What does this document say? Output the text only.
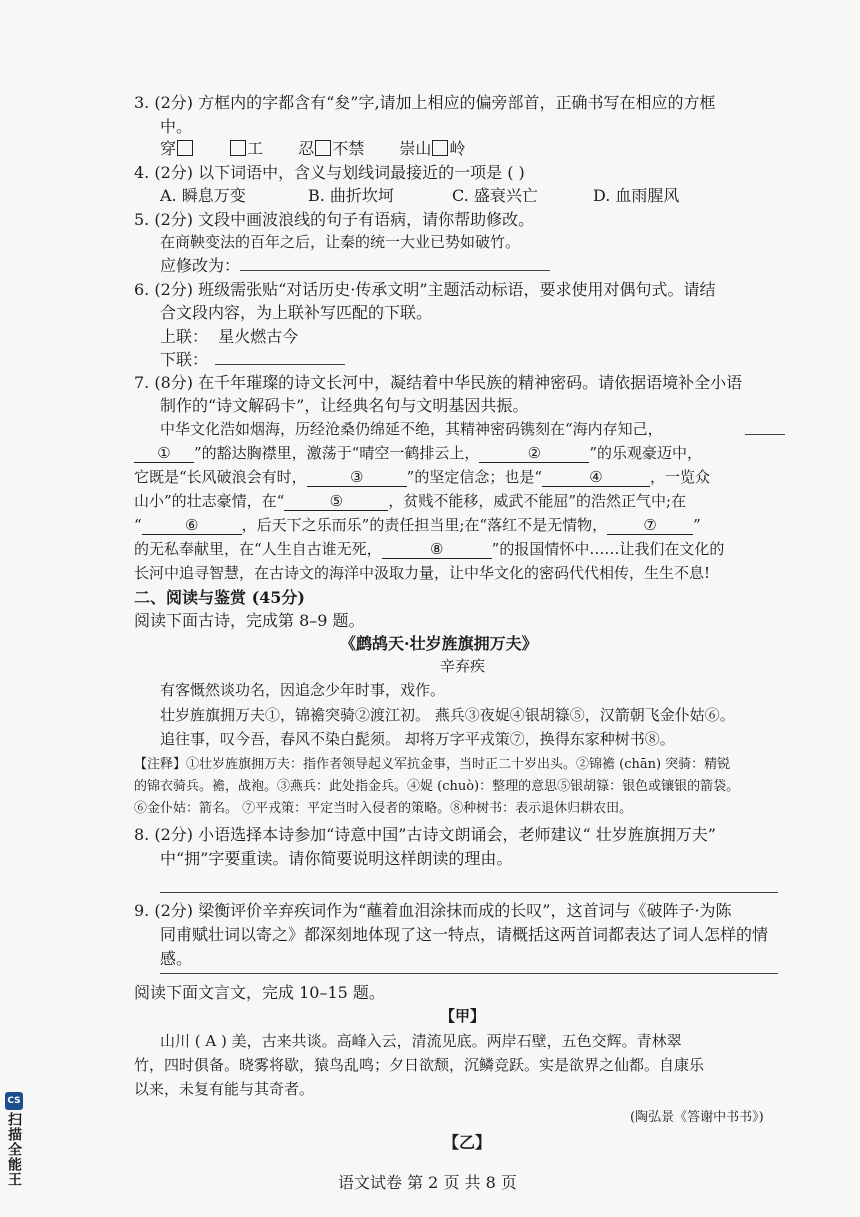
3. (2分) 方框内的字都含有“夋”字,请加上相应的偏旁部首，正确书写在相应的方框
中。
穿	工 忍 不禁 崇山 岭
4. (2分) 以下词语中，含义与划线词最接近的一项是 ( )
A. 瞬息万变	B. 曲折坎坷	C. 盛衰兴亡	D. 血雨腥风
5. (2分) 文段中画波浪线的句子有语病，请你帮助修改。
在商鞅变法的百年之后，让秦的统一大业已势如破竹。
应修改为：
6. (2分) 班级需张贴“对话历史·传承文明”主题活动标语，要求使用对偶句式。请结
合文段内容，为上联补写匹配的下联。
上联： 星火燃古今
下联：
7. (8分) 在千年璀璨的诗文长河中，凝结着中华民族的精神密码。请依据语境补全小语
制作的“诗文解码卡”，让经典名句与文明基因共振。
中华文化浩如烟海，历经沧桑仍绵延不绝，其精神密码镌刻在“海内存知己，
① ”的豁达胸襟里，激荡于“晴空一鹤排云上，	②	”的乐观豪迈中，
它既是“长风破浪会有时，	③	”的坚定信念；也是“	④	，一览众
山小”的壮志豪情，在“	⑤	，贫贱不能移，威武不能屈”的浩然正气中;在
“	⑥	，后天下之乐而乐”的责任担当里;在“落红不是无情物， ⑦ ”
的无私奉献里，在“人生自古谁无死，	⑧	”的报国情怀中……让我们在文化的
长河中追寻智慧，在古诗文的海洋中汲取力量，让中华文化的密码代代相传，生生不息!
二、阅读与鉴赏 (45分)
阅读下面古诗，完成第 8–9 题。
《鹧鸪天·壮岁旌旗拥万夫》
辛弃疾
有客慨然谈功名，因追念少年时事，戏作。
壮岁旌旗拥万夫①，锦襜突骑②渡江初。 燕兵③夜娖④银胡簶⑤，汉箭朝飞金仆姑⑥。
追往事，叹今吾，春风不染白髭须。 却将万字平戎策⑦，换得东家种树书⑧。
【注释】①壮岁旌旗拥万夫：指作者领导起义军抗金事，当时正二十岁出头。②锦襜 (chān) 突骑：精锐
的锦衣骑兵。襜，战袍。③燕兵：此处指金兵。④娖 (chuò)：整理的意思⑤银胡簶：银色或镶银的箭袋。
⑥金仆姑：箭名。 ⑦平戎策：平定当时入侵者的策略。⑧种树书：表示退休归耕农田。
8. (2分) 小语选择本诗参加“诗意中国”古诗文朗诵会，老师建议“ 壮岁旌旗拥万夫”
中“拥”字要重读。请你简要说明这样朗读的理由。
9. (2分) 梁衡评价辛弃疾词作为“蘸着血泪涂抹而成的长叹”，这首词与《破阵子·为陈
同甫赋壮词以寄之》都深刻地体现了这一特点，请概括这两首词都表达了词人怎样的情
感。
阅读下面文言文，完成 10–15 题。
【甲】
山川 ( A ) 美，古来共谈。高峰入云，清流见底。两岸石壁，五色交辉。青林翠
竹，四时俱备。晓雾将歇，猿鸟乱鸣；夕日欲颓，沉鳞竞跃。实是欲界之仙都。自康乐
以来，未复有能与其奇者。
(陶弘景《答谢中书书》)
【乙】
语文试卷 第 2 页 共 8 页
CS
扫描全能王
